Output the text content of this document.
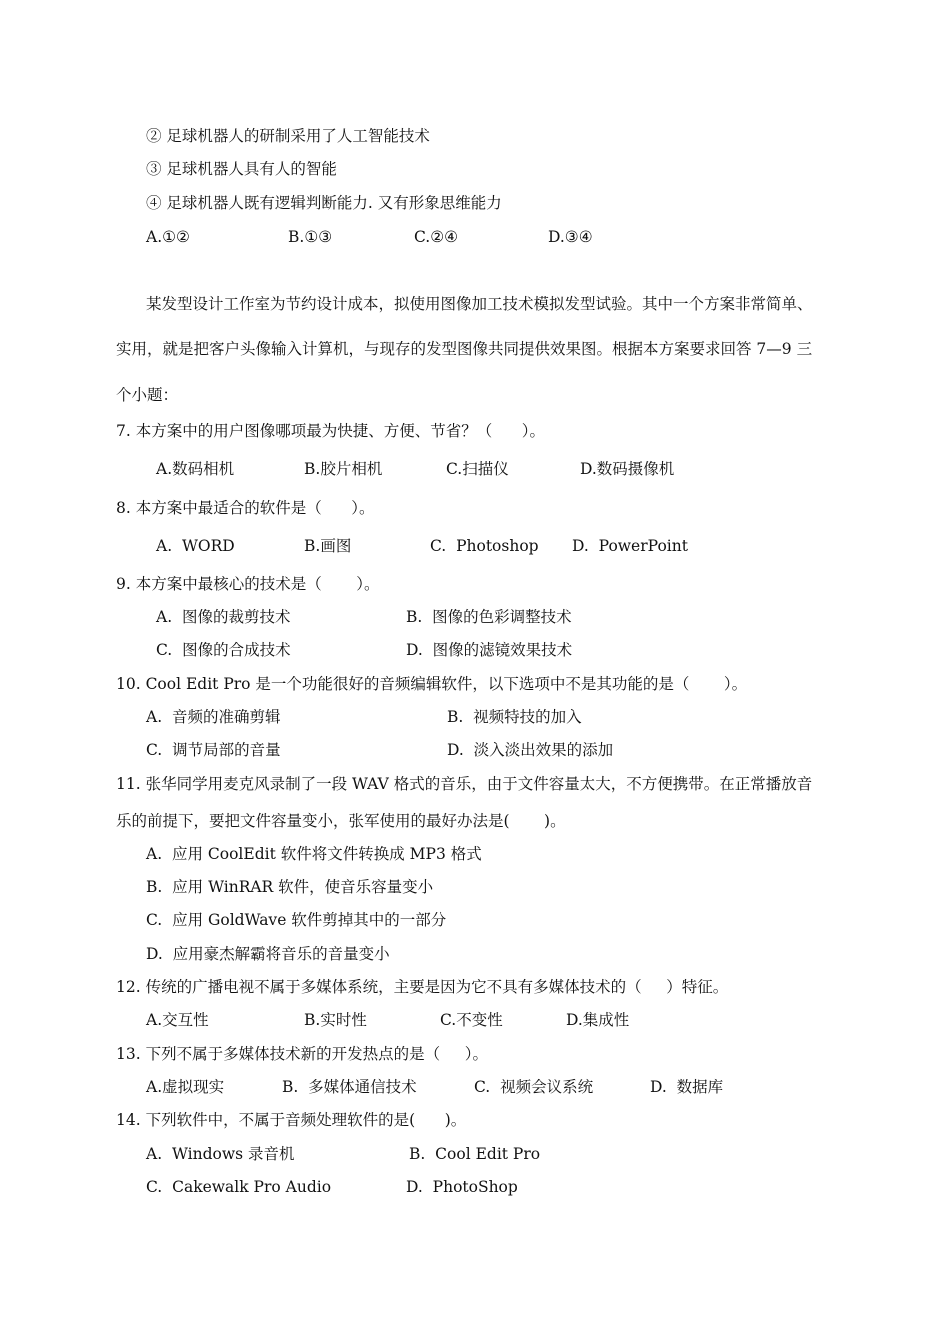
② 足球机器人的研制采用了人工智能技术
③ 足球机器人具有人的智能
④ 足球机器人既有逻辑判断能力. 又有形象思维能力
A.①②	B.①③	C.②④	D.③④
某发型设计工作室为节约设计成本，拟使用图像加工技术模拟发型试验。其中一个方案非常简单、
实用，就是把客户头像输入计算机，与现存的发型图像共同提供效果图。根据本方案要求回答 7—9 三
个小题：
7. 本方案中的用户图像哪项最为快捷、方便、节省？（      ）。
A.数码相机	B.胶片相机	C.扫描仪	D.数码摄像机
8. 本方案中最适合的软件是（      ）。
A.  WORD	B.画图	C.  Photoshop D.  PowerPoint
9. 本方案中最核心的技术是（       ）。
A.  图像的裁剪技术	B.  图像的色彩调整技术
C.  图像的合成技术	D.  图像的滤镜效果技术
10. Cool Edit Pro 是一个功能很好的音频编辑软件，以下选项中不是其功能的是（       ）。
A.  音频的准确剪辑	B.  视频特技的加入
C.  调节局部的音量	D.  淡入淡出效果的添加
11. 张华同学用麦克风录制了一段 WAV 格式的音乐，由于文件容量太大，不方便携带。在正常播放音
乐的前提下，要把文件容量变小，张军使用的最好办法是(       )。
A.  应用 CoolEdit 软件将文件转换成 MP3 格式
B.  应用 WinRAR 软件，使音乐容量变小
C.  应用 GoldWave 软件剪掉其中的一部分
D.  应用豪杰解霸将音乐的音量变小
12. 传统的广播电视不属于多媒体系统，主要是因为它不具有多媒体技术的（     ）特征。
A.交互性	B.实时性	C.不变性	D.集成性
13. 下列不属于多媒体技术新的开发热点的是（     ）。
A.虚拟现实	B.  多媒体通信技术	C.  视频会议系统	D.  数据库
14. 下列软件中，不属于音频处理软件的是(      )。
A.  Windows 录音机	B.  Cool Edit Pro
C.  Cakewalk Pro Audio	D.  PhotoShop
